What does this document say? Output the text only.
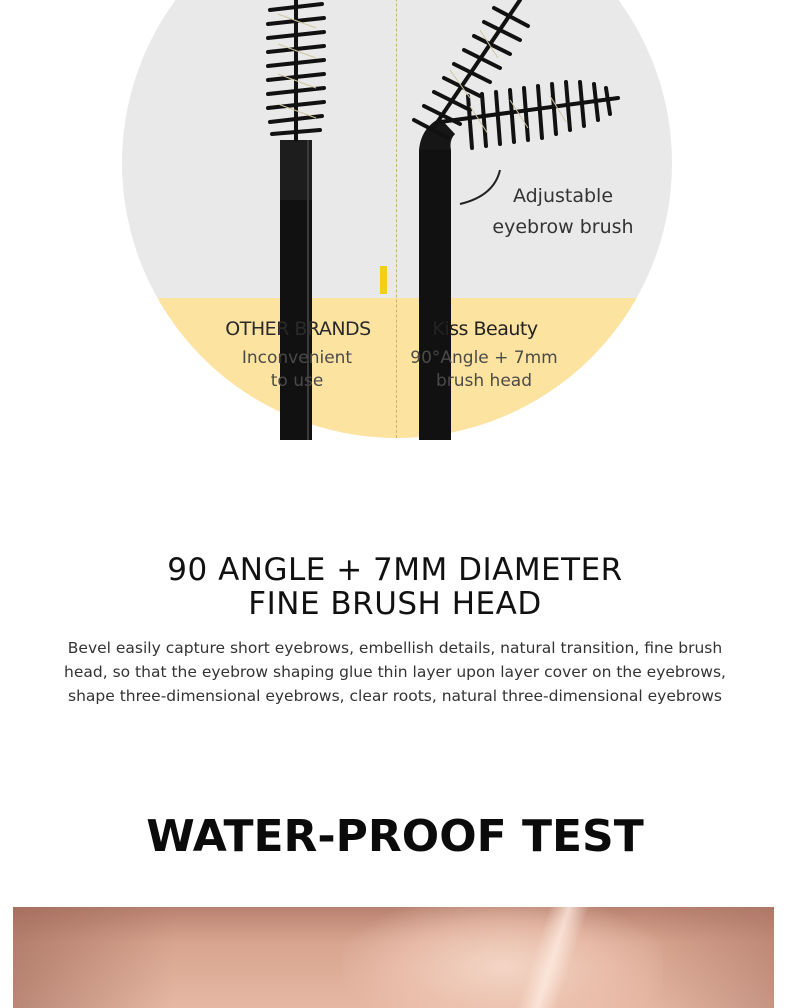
OTHER BRANDS
Inconvenient
to use
Kiss Beauty
90°Angle + 7mm
brush head
Adjustable
eyebrow brush
90 ANGLE + 7MM DIAMETER
FINE BRUSH HEAD
Bevel easily capture short eyebrows, embellish details, natural transition, fine brush
head, so that the eyebrow shaping glue thin layer upon layer cover on the eyebrows,
shape three-dimensional eyebrows, clear roots, natural three-dimensional eyebrows
WATER-PROOF TEST
